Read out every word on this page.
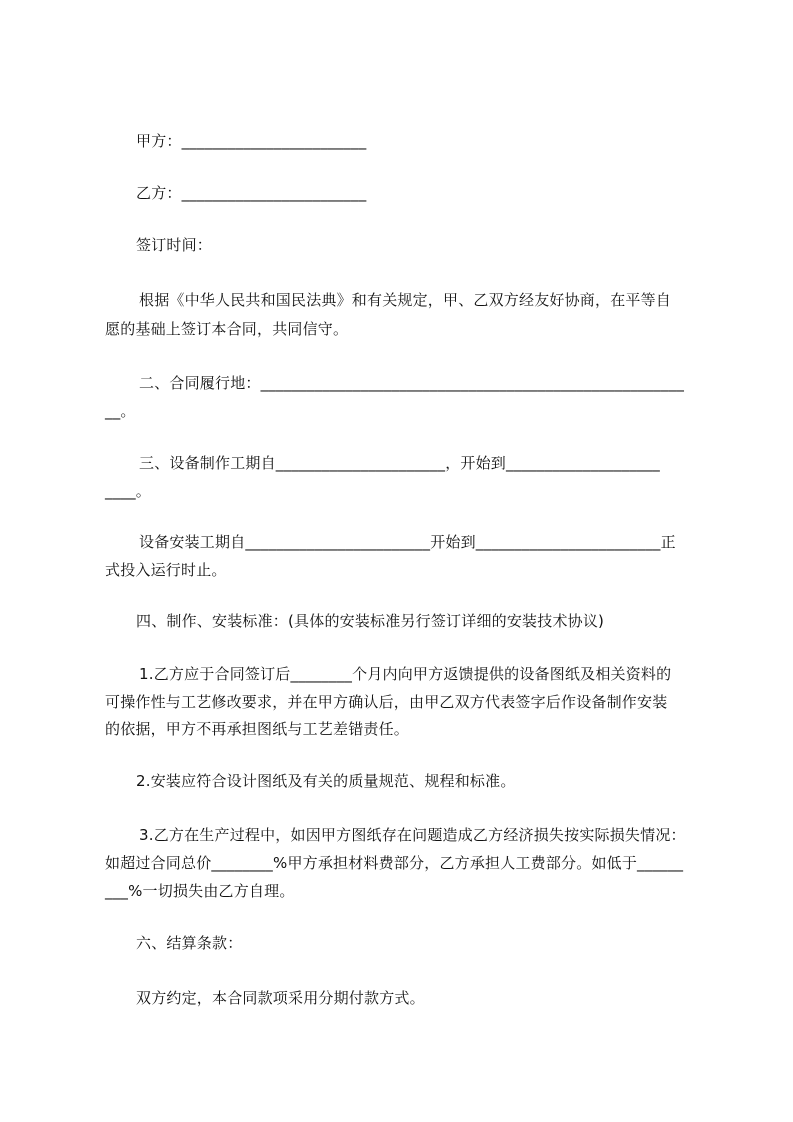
甲方：________________________
乙方：________________________
签订时间：
根据《中华人民共和国民法典》和有关规定，甲、乙双方经友好协商，在平等自
愿的基础上签订本合同，共同信守。
二、合同履行地：_______________________________________________________
__。
三、设备制作工期自______________________，开始到____________________
____。
设备安装工期自________________________开始到________________________正
式投入运行时止。
四、制作、安装标准：(具体的安装标准另行签订详细的安装技术协议)
1.乙方应于合同签订后________个月内向甲方返馈提供的设备图纸及相关资料的
可操作性与工艺修改要求，并在甲方确认后，由甲乙双方代表签字后作设备制作安装
的依据，甲方不再承担图纸与工艺差错责任。
2.安装应符合设计图纸及有关的质量规范、规程和标准。
3.乙方在生产过程中，如因甲方图纸存在问题造成乙方经济损失按实际损失情况：
如超过合同总价________%甲方承担材料费部分，乙方承担人工费部分。如低于______
___%一切损失由乙方自理。
六、结算条款：
双方约定，本合同款项采用分期付款方式。
